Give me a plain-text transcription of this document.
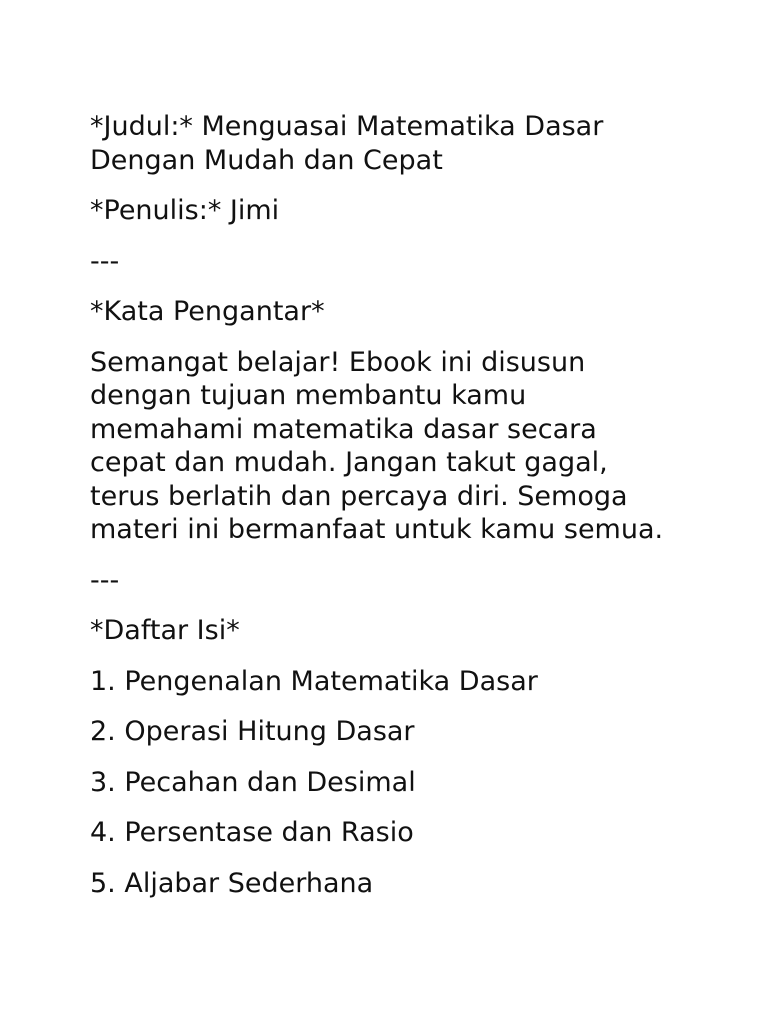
*Judul:* Menguasai Matematika Dasar
Dengan Mudah dan Cepat

*Penulis:* Jimi

---

*Kata Pengantar*

Semangat belajar! Ebook ini disusun
dengan tujuan membantu kamu
memahami matematika dasar secara
cepat dan mudah. Jangan takut gagal,
terus berlatih dan percaya diri. Semoga
materi ini bermanfaat untuk kamu semua.

---

*Daftar Isi*

1. Pengenalan Matematika Dasar

2. Operasi Hitung Dasar

3. Pecahan dan Desimal

4. Persentase dan Rasio

5. Aljabar Sederhana
